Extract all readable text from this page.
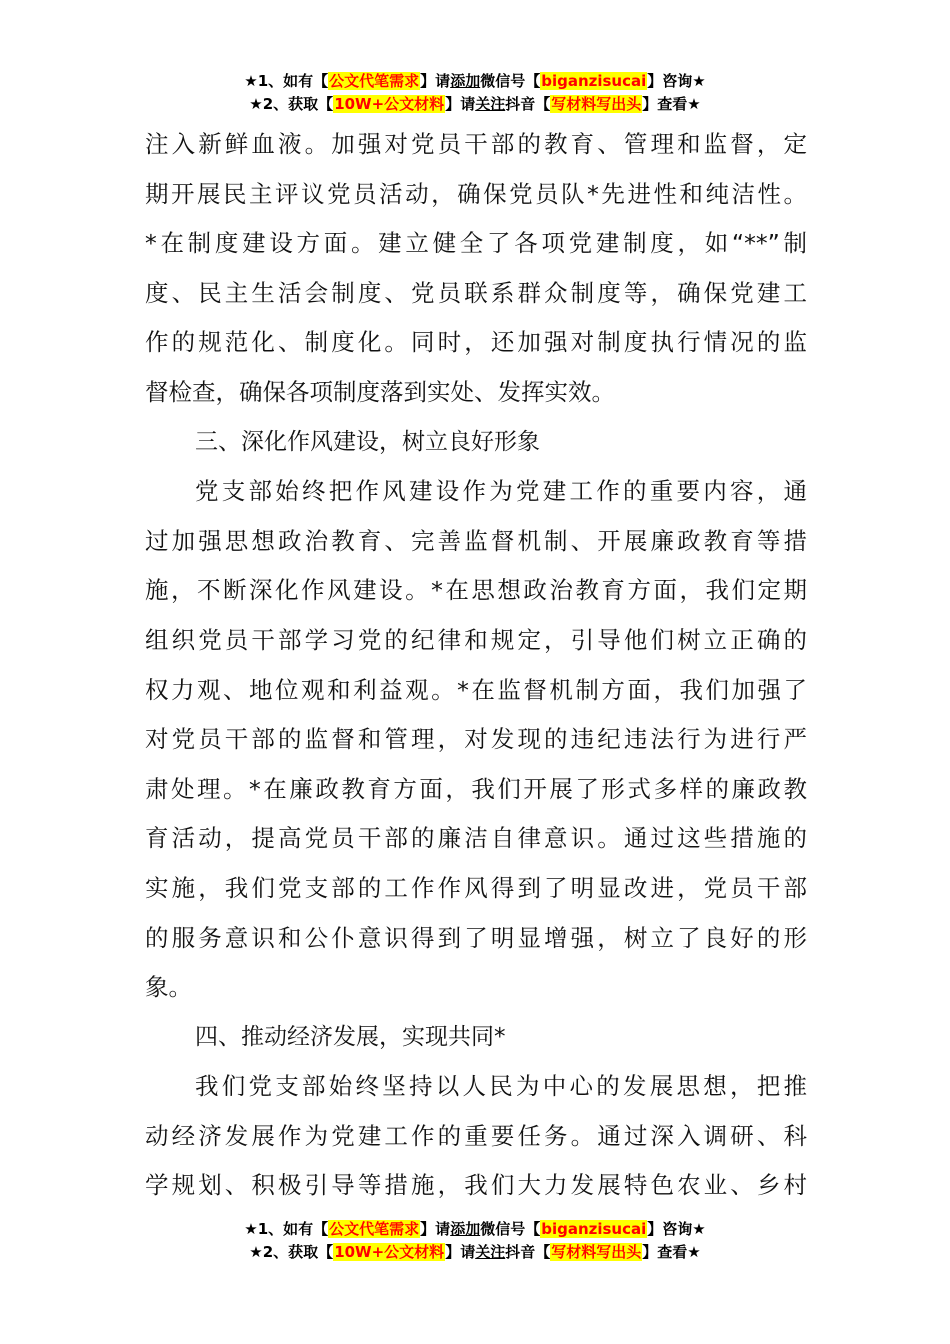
★1、如有【公文代笔需求】请添加微信号【biganzisucai】咨询★
★2、获取【10W+公文材料】请关注抖音【写材料写出头】查看★
注入新鲜血液。加强对党员干部的教育、管理和监督，定
期开展民主评议党员活动，确保党员队*先进性和纯洁性。
*在制度建设方面。建立健全了各项党建制度，如“**”制
度、民主生活会制度、党员联系群众制度等，确保党建工
作的规范化、制度化。同时，还加强对制度执行情况的监
督检查，确保各项制度落到实处、发挥实效。
三、深化作风建设，树立良好形象
党支部始终把作风建设作为党建工作的重要内容，通
过加强思想政治教育、完善监督机制、开展廉政教育等措
施，不断深化作风建设。*在思想政治教育方面，我们定期
组织党员干部学习党的纪律和规定，引导他们树立正确的
权力观、地位观和利益观。*在监督机制方面，我们加强了
对党员干部的监督和管理，对发现的违纪违法行为进行严
肃处理。*在廉政教育方面，我们开展了形式多样的廉政教
育活动，提高党员干部的廉洁自律意识。通过这些措施的
实施，我们党支部的工作作风得到了明显改进，党员干部
的服务意识和公仆意识得到了明显增强，树立了良好的形
象。
四、推动经济发展，实现共同*
我们党支部始终坚持以人民为中心的发展思想，把推
动经济发展作为党建工作的重要任务。通过深入调研、科
学规划、积极引导等措施，我们大力发展特色农业、乡村
★1、如有【公文代笔需求】请添加微信号【biganzisucai】咨询★
★2、获取【10W+公文材料】请关注抖音【写材料写出头】查看★
